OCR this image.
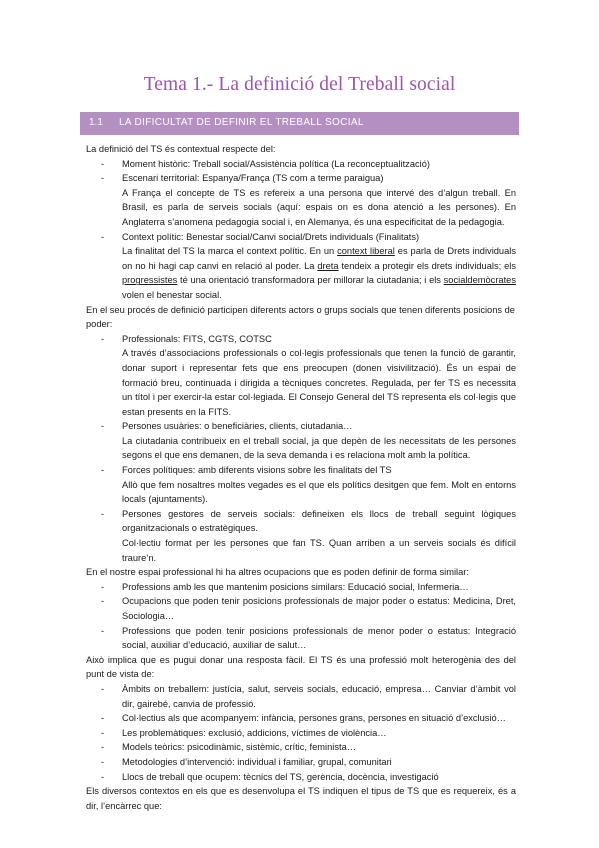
Tema 1.- La definició del Treball social
1.1 LA DIFICULTAT DE DEFINIR EL TREBALL SOCIAL

La definició del TS és contextual respecte del:

- Moment històric: Treball social/Assistència política (La reconceptualització)

- Escenari territorial: Espanya/França (TS com a terme paraigua)

A França el concepte de TS es refereix a una persona que intervé des d’algun treball. En Brasil, es parla de serveis socials (aquí: espais on es dona atenció a les persones). En Anglaterra s’anomena pedagogia social i, en Alemanya, és una especificitat de la pedagogia.

- Context polític: Benestar social/Canvi social/Drets individuals (Finalitats)

La finalitat del TS la marca el context polític. En un context liberal es parla de Drets individuals on no hi hagi cap canvi en relació al poder. La dreta tendeix a protegir els drets individuals; els progressistes té una orientació transformadora per millorar la ciutadania; i els socialdemòcrates volen el benestar social.

En el seu procés de definició participen diferents actors o grups socials que tenen diferents posicions de poder:

- Professionals: FITS, CGTS, COTSC

A través d’associacions professionals o col·legis professionals que tenen la funció de garantir, donar suport i representar fets que ens preocupen (donen visivilització). És un espai de formació breu, continuada i dirigida a tècniques concretes. Regulada, per fer TS es necessita un títol i per exercir-la estar col·legiada. El Consejo General del TS representa els col·legis que estan presents en la FITS.

- Persones usuàries: o beneficiàries, clients, ciutadania…

La ciutadania contribueix en el treball social, ja que depèn de les necessitats de les persones segons el que ens demanen, de la seva demanda i es relaciona molt amb la política.

- Forces polítiques: amb diferents visions sobre les finalitats del TS

Allò que fem nosaltres moltes vegades es el que els polítics desitgen que fem. Molt en entorns locals (ajuntaments).

- Persones gestores de serveis socials: defineixen els llocs de treball seguint lògiques organitzacionals o estratègiques.

Col·lectiu format per les persones que fan TS. Quan arriben a un serveis socials és difícil traure’n.

En el nostre espai professional hi ha altres ocupacions que es poden definir de forma similar:

- Professions amb les que mantenim posicions similars: Educació social, Infermeria…

- Ocupacions que poden tenir posicions professionals de major poder o estatus: Medicina, Dret, Sociologia…

- Professions que poden tenir posicions professionals de menor poder o estatus: Integració social, auxiliar d’educació, auxiliar de salut…

Això implica que es pugui donar una resposta fàcil. El TS és una professió molt heterogènia des del punt de vista de:

- Àmbits on treballem: justícia, salut, serveis socials, educació, empresa… Canviar d’àmbit vol dir, gairebé, canvia de professió.

- Col·lectius als que acompanyem: infància, persones grans, persones en situació d’exclusió…

- Les problemàtiques: exclusió, addicions, víctimes de violència…

- Models teòrics: psicodinàmic, sistèmic, crític, feminista…

- Metodologies d’intervenció: individual i familiar, grupal, comunitari

- Llocs de treball que ocupem: tècnics del TS, gerència, docència, investigació

Els diversos contextos en els que es desenvolupa el TS indiquen el tipus de TS que es requereix, és a dir, l’encàrrec que:
